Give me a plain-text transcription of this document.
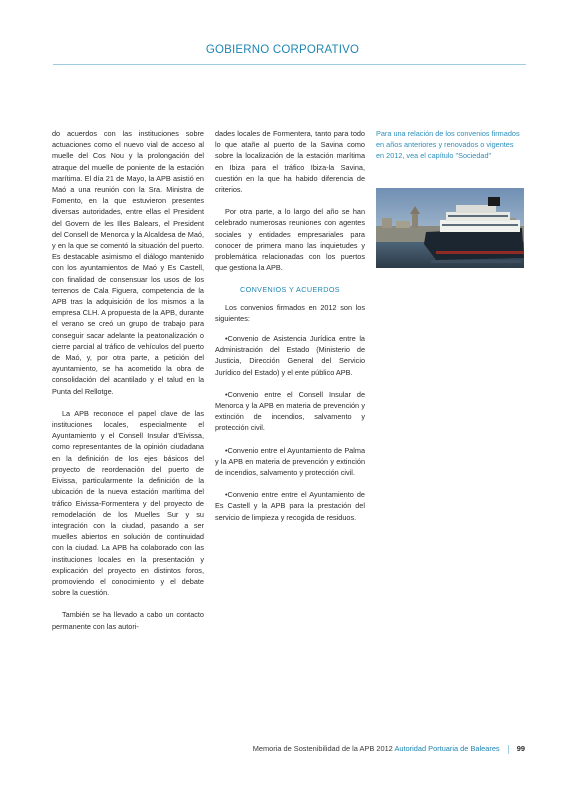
GOBIERNO CORPORATIVO

do acuerdos con las instituciones sobre actuaciones como el nuevo vial de acceso al muelle del Cos Nou y la prolongación del atraque del muelle de poniente de la estación marítima. El día 21 de Mayo, la APB asistió en Maó a una reunión con la Sra. Ministra de Fomento, en la que estuvieron presentes diversas autoridades, entre ellas el President del Govern de les Illes Balears, el President del Consell de Menorca y la Alcaldesa de Maó, y en la que se comentó la situación del puerto. Es destacable asimismo el diálogo mantenido con los ayuntamientos de Maó y Es Castell, con finalidad de consensuar los usos de los terrenos de Cala Figuera, competencia de la APB tras la adquisición de los mismos a la empresa CLH. A propuesta de la APB, durante el verano se creó un grupo de trabajo para conseguir sacar adelante la peatonalización o cierre parcial al tráfico de vehículos del puerto de Maó, y, por otra parte, a petición del ayuntamiento, se ha acometido la obra de consolidación del acantilado y el talud en la Punta del Rellotge.

La APB reconoce el papel clave de las instituciones locales, especialmente el Ayuntamiento y el Consell Insular d'Eivissa, como representantes de la opinión ciudadana en la definición de los ejes básicos del proyecto de reordenación del puerto de Eivissa, particularmente la definición de la ubicación de la nueva estación marítima del tráfico Eivissa-Formentera y del proyecto de remodelación de los Muelles Sur y su integración con la ciudad, pasando a ser muelles abiertos en solución de continuidad con la ciudad. La APB ha colaborado con las instituciones locales en la presentación y explicación del proyecto en distintos foros, promoviendo el conocimiento y el debate sobre la cuestión.

También se ha llevado a cabo un contacto permanente con las autori-

dades locales de Formentera, tanto para todo lo que atañe al puerto de la Savina como sobre la localización de la estación marítima en Ibiza para el tráfico Ibiza-la Savina, cuestión en la que ha habido diferencia de criterios.

Por otra parte, a lo largo del año se han celebrado numerosas reuniones con agentes sociales y entidades empresariales para conocer de primera mano las inquietudes y problemática relacionadas con los puertos que gestiona la APB.

CONVENIOS Y ACUERDOS

Los convenios firmados en 2012 son los siguientes:

•Convenio de Asistencia Jurídica entre la Administración del Estado (Ministerio de Justicia, Dirección General del Servicio Jurídico del Estado) y el ente público APB.

•Convenio entre el Consell Insular de Menorca y la APB en materia de prevención y extinción de incendios, salvamento y protección civil.

•Convenio entre el Ayuntamiento de Palma y la APB en materia de prevención y extinción de incendios, salvamento y protección civil.

•Convenio entre entre el Ayuntamiento de Es Castell y la APB para la prestación del servicio de limpieza y recogida de residuos.

Para una relación de los convenios firmados en años anteriores y renovados o vigentes en 2012, vea el capítulo "Sociedad"

Memoria de Sostenibilidad de la APB 2012 Autoridad Portuaria de Baleares 99
